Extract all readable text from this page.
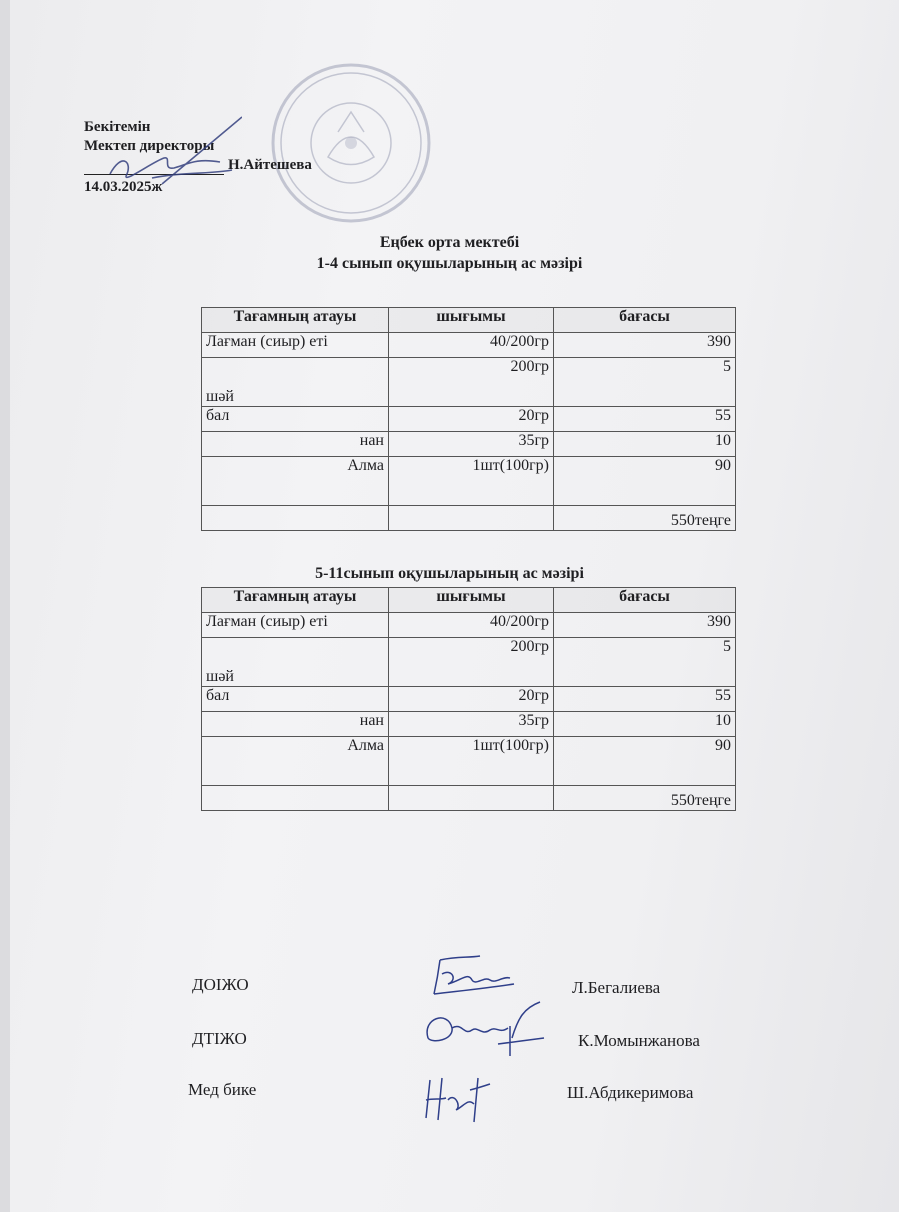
Бекітемін
Мектеп директоры
Н.Айтешева
14.03.2025ж
Еңбек орта мектебі
1-4 сынып оқушыларының ас мәзірі
Тағамның атауы	шығымы	бағасы
Лағман (сиыр) еті	40/200гр	390
шәй	200гр	5
бал	20гр	55
нан	35гр	10
Алма	1шт(100гр)	90
		550теңге
5-11сынып оқушыларының ас мәзірі
Тағамның атауы	шығымы	бағасы
Лағман (сиыр) еті	40/200гр	390
шәй	200гр	5
бал	20гр	55
нан	35гр	10
Алма	1шт(100гр)	90
		550теңге
ДОІЖО	Л.Бегалиева
ДТІЖО	К.Момынжанова
Мед бике	Ш.Абдикеримова
